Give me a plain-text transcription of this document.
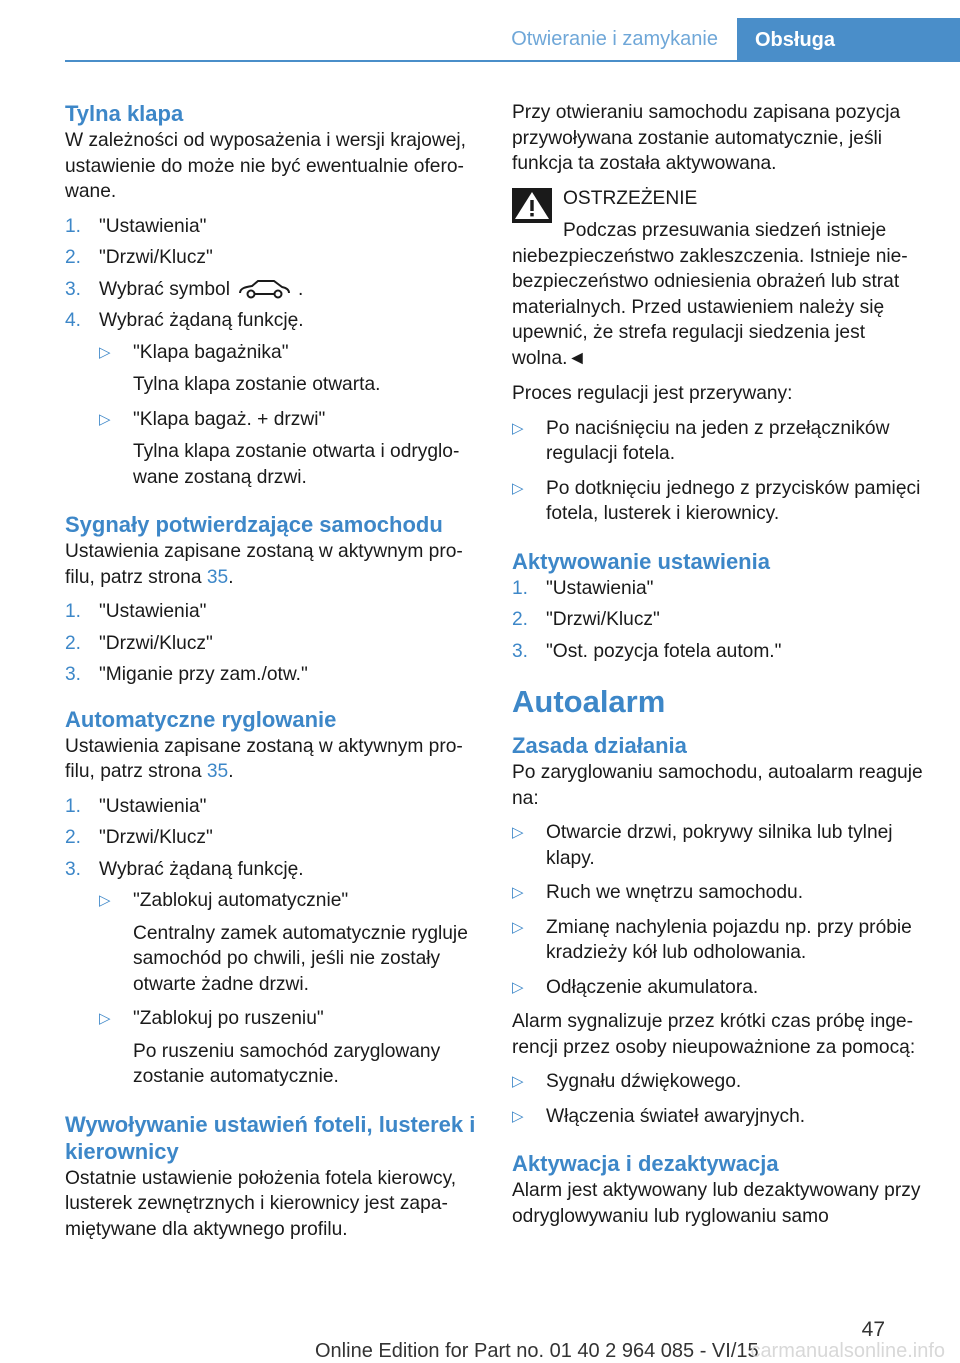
Otwieranie i zamykanie	Obsługa
Tylna klapa

W zależności od wyposażenia i wersji krajowej, ustawienie do może nie być ewentualnie oferowane.

1. "Ustawienia"
2. "Drzwi/Klucz"
3. Wybrać symbol	.
4. Wybrać żądaną funkcję.
▷ "Klapa bagażnika"
Tylna klapa zostanie otwarta.
▷ "Klapa bagaż. + drzwi"
Tylna klapa zostanie otwarta i odryglowane zostaną drzwi.
Sygnały potwierdzające samochodu

Ustawienia zapisane zostaną w aktywnym profilu, patrz strona 35.

1. "Ustawienia"
2. "Drzwi/Klucz"
3. "Miganie przy zam./otw."
Automatyczne ryglowanie

Ustawienia zapisane zostaną w aktywnym profilu, patrz strona 35.

1. "Ustawienia"
2. "Drzwi/Klucz"
3. Wybrać żądaną funkcję.
▷ "Zablokuj automatycznie"
Centralny zamek automatycznie rygluje samochód po chwili, jeśli nie zostały otwarte żadne drzwi.
▷ "Zablokuj po ruszeniu"
Po ruszeniu samochód zaryglowany zostanie automatycznie.
Wywoływanie ustawień foteli, lusterek i kierownicy

Ostatnie ustawienie położenia fotela kierowcy, lusterek zewnętrznych i kierownicy jest zapamiętywane dla aktywnego profilu.

Przy otwieraniu samochodu zapisana pozycja przywoływana zostanie automatycznie, jeśli funkcja ta została aktywowana.

OSTRZEŻENIE
Podczas przesuwania siedzeń istnieje
niebezpieczeństwo zakleszczenia. Istnieje niebezpieczeństwo odniesienia obrażeń lub strat materialnych. Przed ustawieniem należy się upewnić, że strefa regulacji siedzenia jest wolna.◄

Proces regulacji jest przerywany:

▷ Po naciśnięciu na jeden z przełączników regulacji fotela.
▷ Po dotknięciu jednego z przycisków pamięci fotela, lusterek i kierownicy.
Aktywowanie ustawienia
1. "Ustawienia"
2. "Drzwi/Klucz"
3. "Ost. pozycja fotela autom."
Autoalarm
Zasada działania

Po zaryglowaniu samochodu, autoalarm reaguje na:

▷ Otwarcie drzwi, pokrywy silnika lub tylnej klapy.
▷ Ruch we wnętrzu samochodu.
▷ Zmianę nachylenia pojazdu np. przy próbie kradzieży kół lub odholowania.
▷ Odłączenie akumulatora.

Alarm sygnalizuje przez krótki czas próbę ingerencji przez osoby nieupoważnione za pomocą:

▷ Sygnału dźwiękowego.
▷ Włączenia świateł awaryjnych.
Aktywacja i dezaktywacja

Alarm jest aktywowany lub dezaktywowany przy odryglowywaniu lub ryglowaniu samo

47
Online Edition for Part no. 01 40 2 964 085 - VI/15
carmanualsonline.info
